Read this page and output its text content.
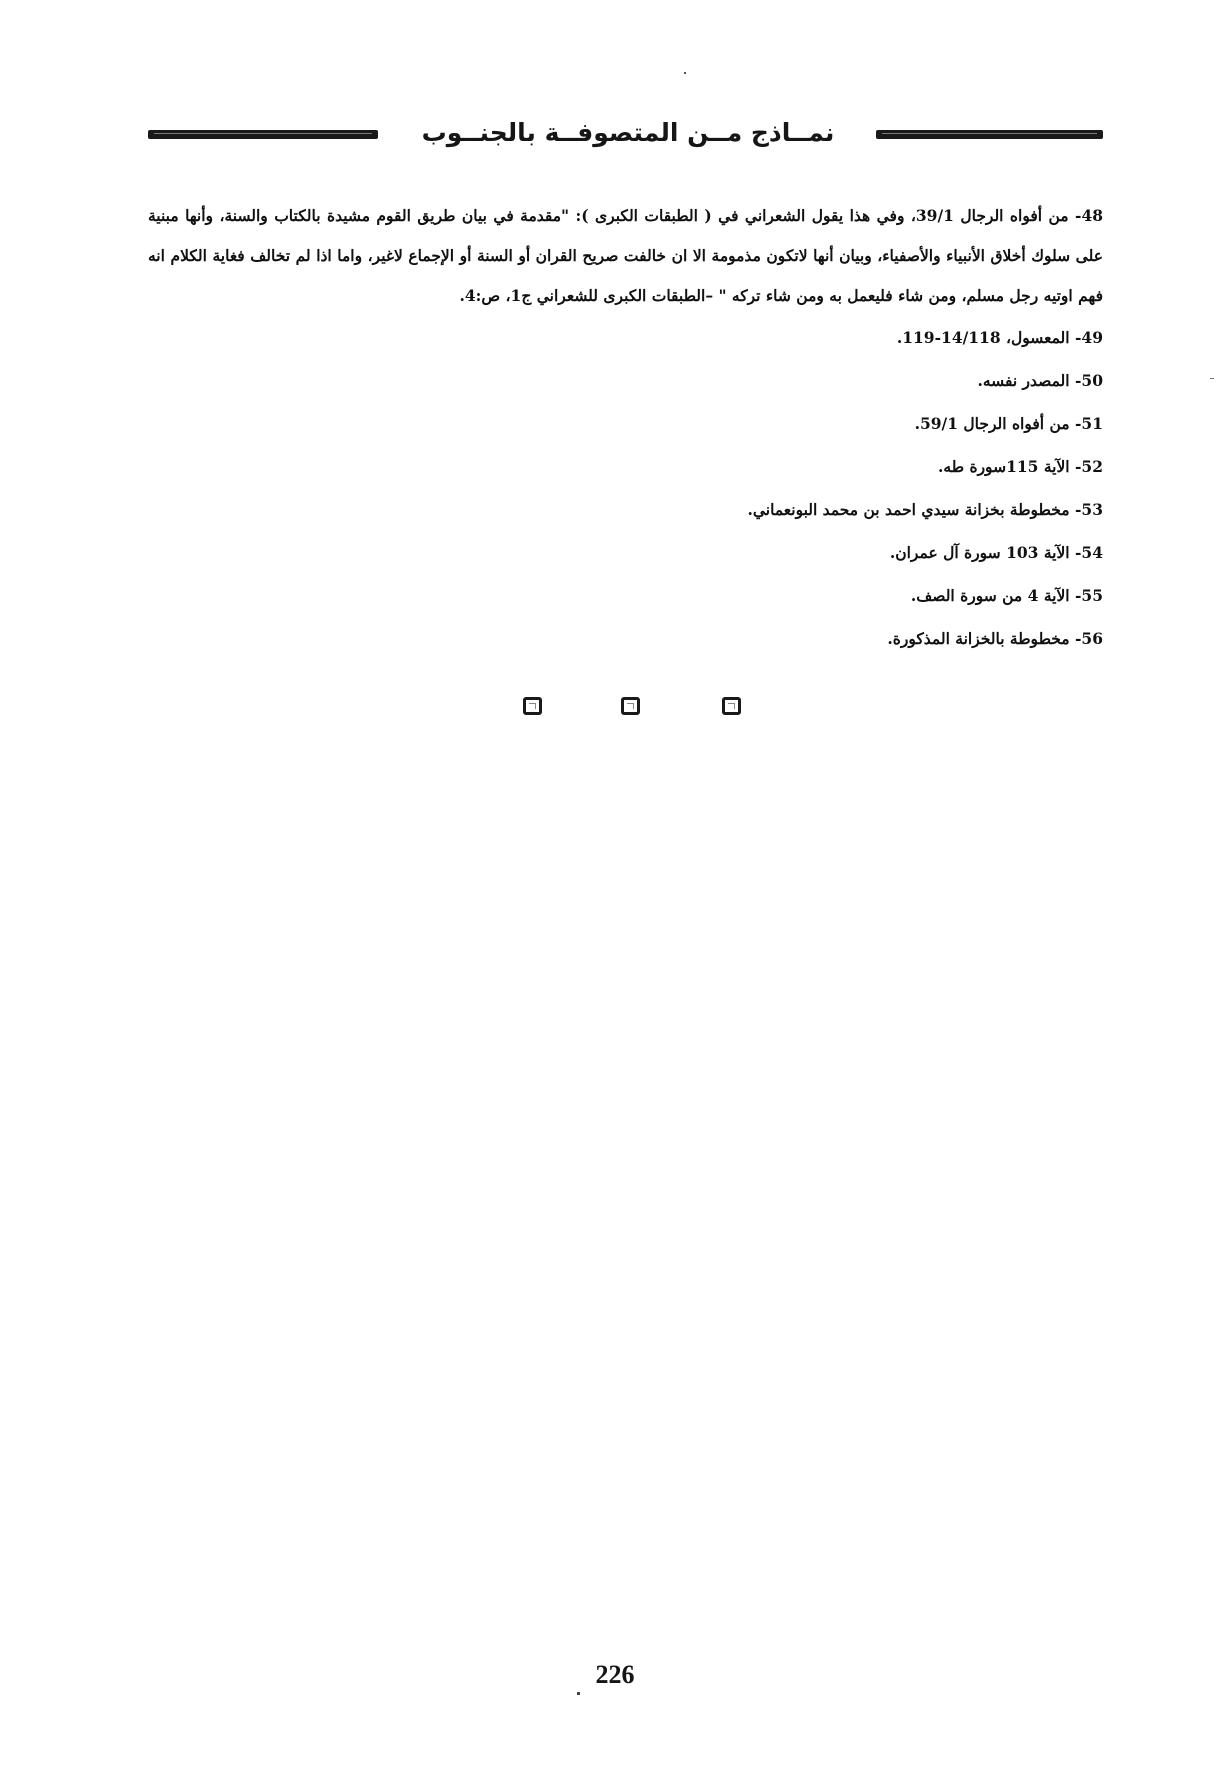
نمــاذج مــن المتصوفــة بالجنــوب

48- من أفواه الرجال 39/1، وفي هذا يقول الشعراني في ( الطبقات الكبرى ): "مقدمة في بيان طريق القوم مشيدة بالكتاب والسنة، وأنها مبنية على سلوك أخلاق الأنبياء والأصفياء، وبيان أنها لاتكون مذمومة الا ان خالفت صريح القران أو السنة أو الإجماع لاغير، واما اذا لم تخالف فغاية الكلام انه فهم اوتيه رجل مسلم، ومن شاء فليعمل به ومن شاء تركه " –الطبقات الكبرى للشعراني ج1، ص:4.

49- المعسول، 14/118-119.

50- المصدر نفسه.

51- من أفواه الرجال 59/1.

52- الآية 115سورة طه.

53- مخطوطة بخزانة سيدي احمد بن محمد البونعماني.

54- الآية 103 سورة آل عمران.

55- الآية 4 من سورة الصف.

56- مخطوطة بالخزانة المذكورة.

226
